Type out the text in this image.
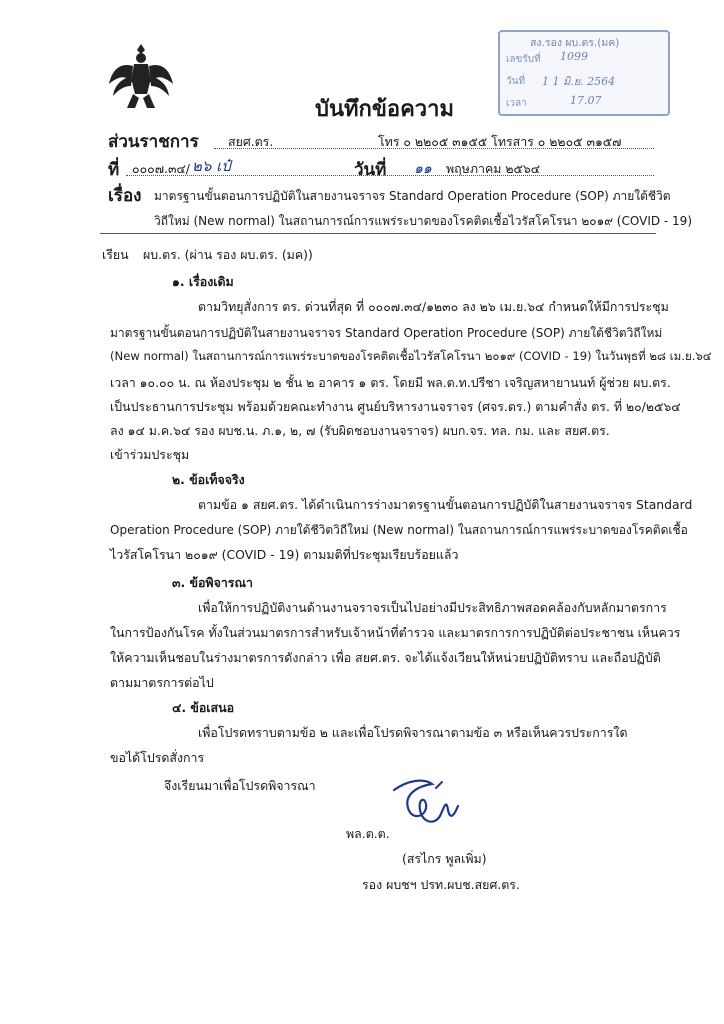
สง.รอง ผบ.ตร.(มค)
เลขรับที่ 1099
วันที่ 1 1 มิ.ย. 2564
เวลา	17.07
บันทึกข้อความ
ส่วนราชการ สยศ.ตร.	โทร ๐ ๒๒๐๕ ๓๑๕๕ โทรสาร ๐ ๒๒๐๕ ๓๑๕๗
ที่ ๐๐๐๗.๓๔/ ๒๖ เป๋	วันที่ ๑๑ พฤษภาคม ๒๕๖๔
เรื่อง มาตรฐานขั้นตอนการปฏิบัติในสายงานจราจร Standard Operation Procedure (SOP) ภายใต้ชีวิต
วิถีใหม่ (New normal) ในสถานการณ์การแพร่ระบาดของโรคติดเชื้อไวรัสโคโรนา ๒๐๑๙ (COVID - 19)
เรียน ผบ.ตร. (ผ่าน รอง ผบ.ตร. (มค))
๑. เรื่องเดิม
ตามวิทยุสั่งการ ตร. ด่วนที่สุด ที่ ๐๐๐๗.๓๔/๑๒๓๐ ลง ๒๖ เม.ย.๖๔ กำหนดให้มีการประชุม
มาตรฐานขั้นตอนการปฏิบัติในสายงานจราจร Standard Operation Procedure (SOP) ภายใต้ชีวิตวิถีใหม่
(New normal) ในสถานการณ์การแพร่ระบาดของโรคติดเชื้อไวรัสโคโรนา ๒๐๑๙ (COVID - 19) ในวันพุธที่ ๒๘ เม.ย.๖๔
เวลา ๑๐.๐๐ น. ณ ห้องประชุม ๒ ชั้น ๒ อาคาร ๑ ตร. โดยมี พล.ต.ท.ปรีชา เจริญสหายานนท์ ผู้ช่วย ผบ.ตร.
เป็นประธานการประชุม พร้อมด้วยคณะทำงาน ศูนย์บริหารงานจราจร (ศจร.ตร.) ตามคำสั่ง ตร. ที่ ๒๐/๒๕๖๔
ลง ๑๔ ม.ค.๖๔ รอง ผบช.น. ภ.๑, ๒, ๗ (รับผิดชอบงานจราจร) ผบก.จร. ทล. กม. และ สยศ.ตร.
เข้าร่วมประชุม
๒. ข้อเท็จจริง
ตามข้อ ๑ สยศ.ตร. ได้ดำเนินการร่างมาตรฐานขั้นตอนการปฏิบัติในสายงานจราจร Standard
Operation Procedure (SOP) ภายใต้ชีวิตวิถีใหม่ (New normal) ในสถานการณ์การแพร่ระบาดของโรคติดเชื้อ
ไวรัสโคโรนา ๒๐๑๙ (COVID - 19) ตามมติที่ประชุมเรียบร้อยแล้ว
๓. ข้อพิจารณา
เพื่อให้การปฏิบัติงานด้านงานจราจรเป็นไปอย่างมีประสิทธิภาพสอดคล้องกับหลักมาตรการ
ในการป้องกันโรค ทั้งในส่วนมาตรการสำหรับเจ้าหน้าที่ตำรวจ และมาตรการการปฏิบัติต่อประชาชน เห็นควร
ให้ความเห็นชอบในร่างมาตรการดังกล่าว เพื่อ สยศ.ตร. จะได้แจ้งเวียนให้หน่วยปฏิบัติทราบ และถือปฏิบัติ
ตามมาตรการต่อไป
๔. ข้อเสนอ
เพื่อโปรดทราบตามข้อ ๒ และเพื่อโปรดพิจารณาตามข้อ ๓ หรือเห็นควรประการใด
ขอได้โปรดสั่งการ
จึงเรียนมาเพื่อโปรดพิจารณา
พล.ต.ต.
(สรไกร พูลเพิ่ม)
รอง ผบชฯ ปรท.ผบช.สยศ.ตร.
